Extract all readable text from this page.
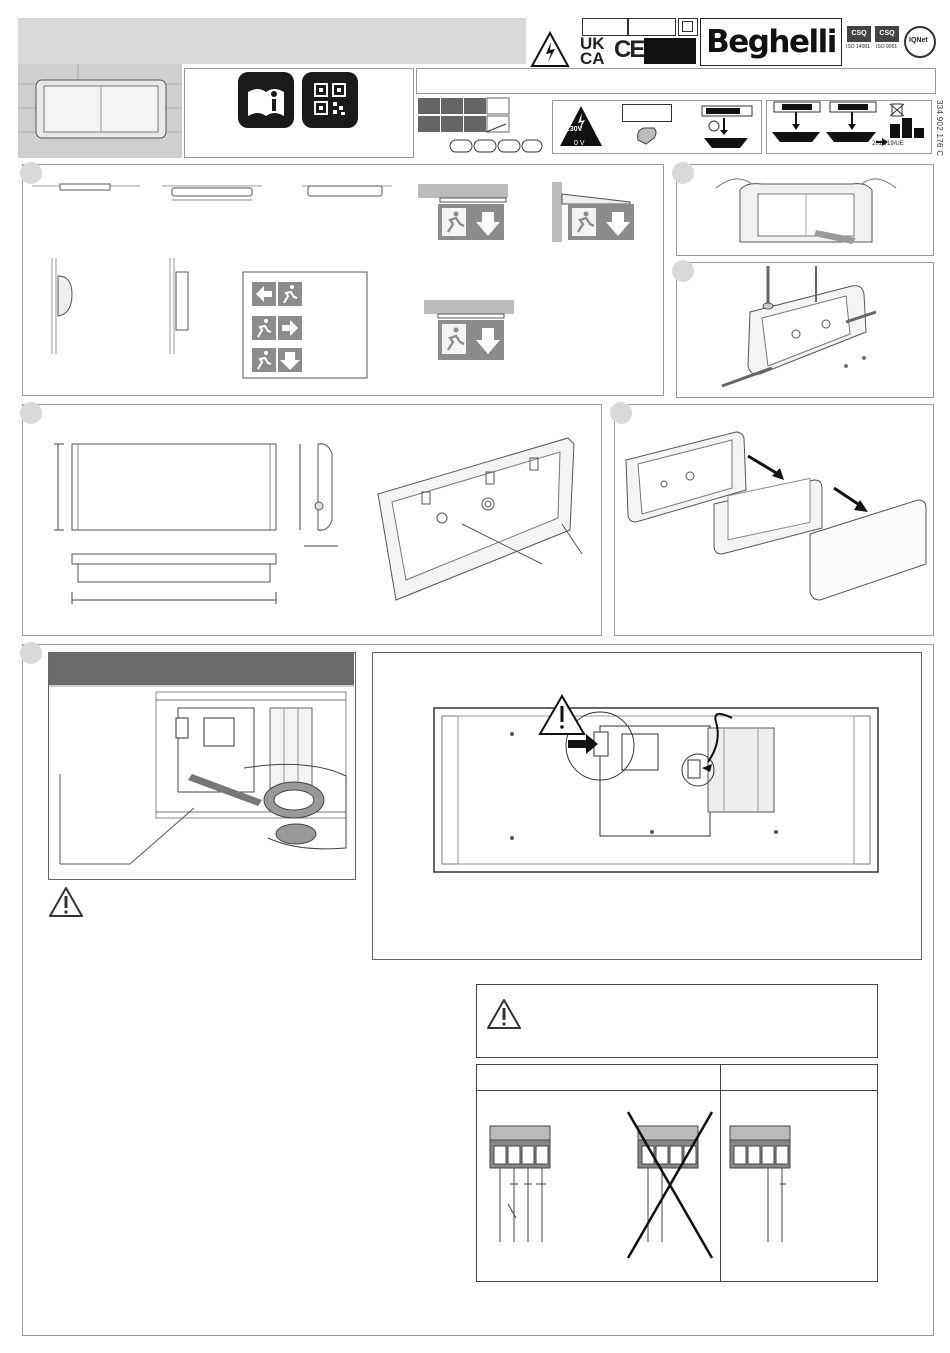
UK
CA CE Beghelli	CSQ
ISO 14001
CSQ
ISO 9001
IQNet
230V
0 V	2012/19/UE	334.902.176 C
